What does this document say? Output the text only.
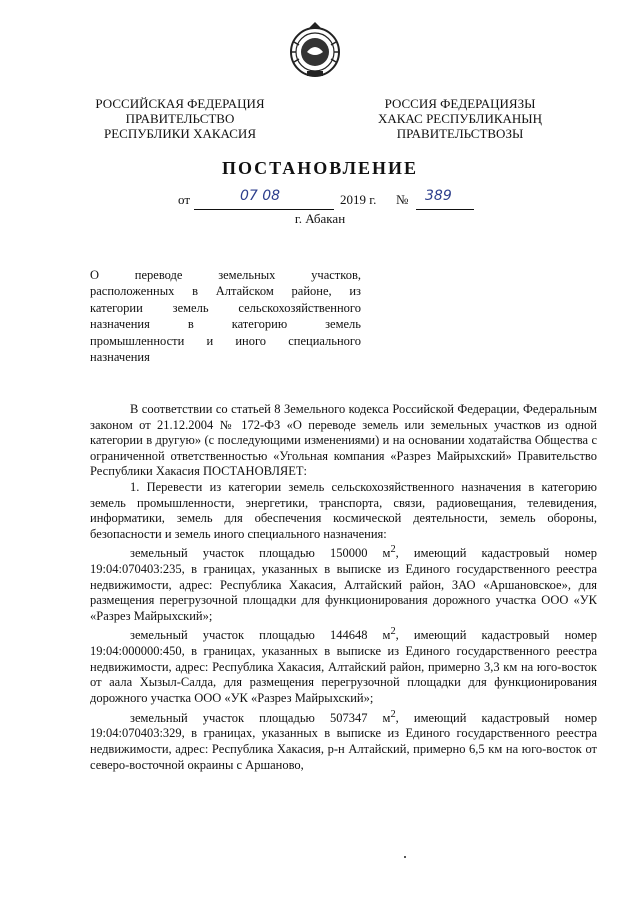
РОССИЙСКАЯ ФЕДЕРАЦИЯ
ПРАВИТЕЛЬСТВО
РЕСПУБЛИКИ ХАКАСИЯ
РОССИЯ ФЕДЕРАЦИЯЗЫ
ХАКАС РЕСПУБЛИКАНЫҢ
ПРАВИТЕЛЬСТВОЗЫ
ПОСТАНОВЛЕНИЕ
от	07 08	2019 г. № 389
г. Абакан

О переводе земельных участков,

расположенных в Алтайском районе, из

категории земель сельскохозяйственного

назначения в категорию земель

промышленности и иного специального

назначения

В соответствии со статьей 8 Земельного кодекса Российской Федерации, Федеральным законом от 21.12.2004 № 172-ФЗ «О переводе земель или земельных участков из одной категории в другую» (с последующими изменениями) и на основании ходатайства Общества с ограниченной ответственностью «Угольная компания «Разрез Майрыхский» Правительство Республики Хакасия ПОСТАНОВЛЯЕТ:

1. Перевести из категории земель сельскохозяйственного назначения в категорию земель промышленности, энергетики, транспорта, связи, радиовещания, телевидения, информатики, земель для обеспечения космической деятельности, земель обороны, безопасности и земель иного специального назначения:

земельный участок площадью 150000 $м^2$, имеющий кадастровый номер 19:04:070403:235, в границах, указанных в выписке из Единого государственного реестра недвижимости, адрес: Республика Хакасия, Алтайский район, ЗАО «Аршановское», для размещения перегрузочной площадки для функционирования дорожного участка ООО «УК «Разрез Майрыхский»;

земельный участок площадью 144648 $м^2$, имеющий кадастровый номер 19:04:000000:450, в границах, указанных в выписке из Единого государственного реестра недвижимости, адрес: Республика Хакасия, Алтайский район, примерно 3,3 км на юго-восток от аала Хызыл-Салда, для размещения перегрузочной площадки для функционирования дорожного участка ООО «УК «Разрез Майрыхский»;

земельный участок площадью 507347 $м^2$, имеющий кадастровый номер 19:04:070403:329, в границах, указанных в выписке из Единого государственного реестра недвижимости, адрес: Республика Хакасия, р-н Алтайский, примерно 6,5 км на юго-восток от северо-восточной окраины с Аршаново,
